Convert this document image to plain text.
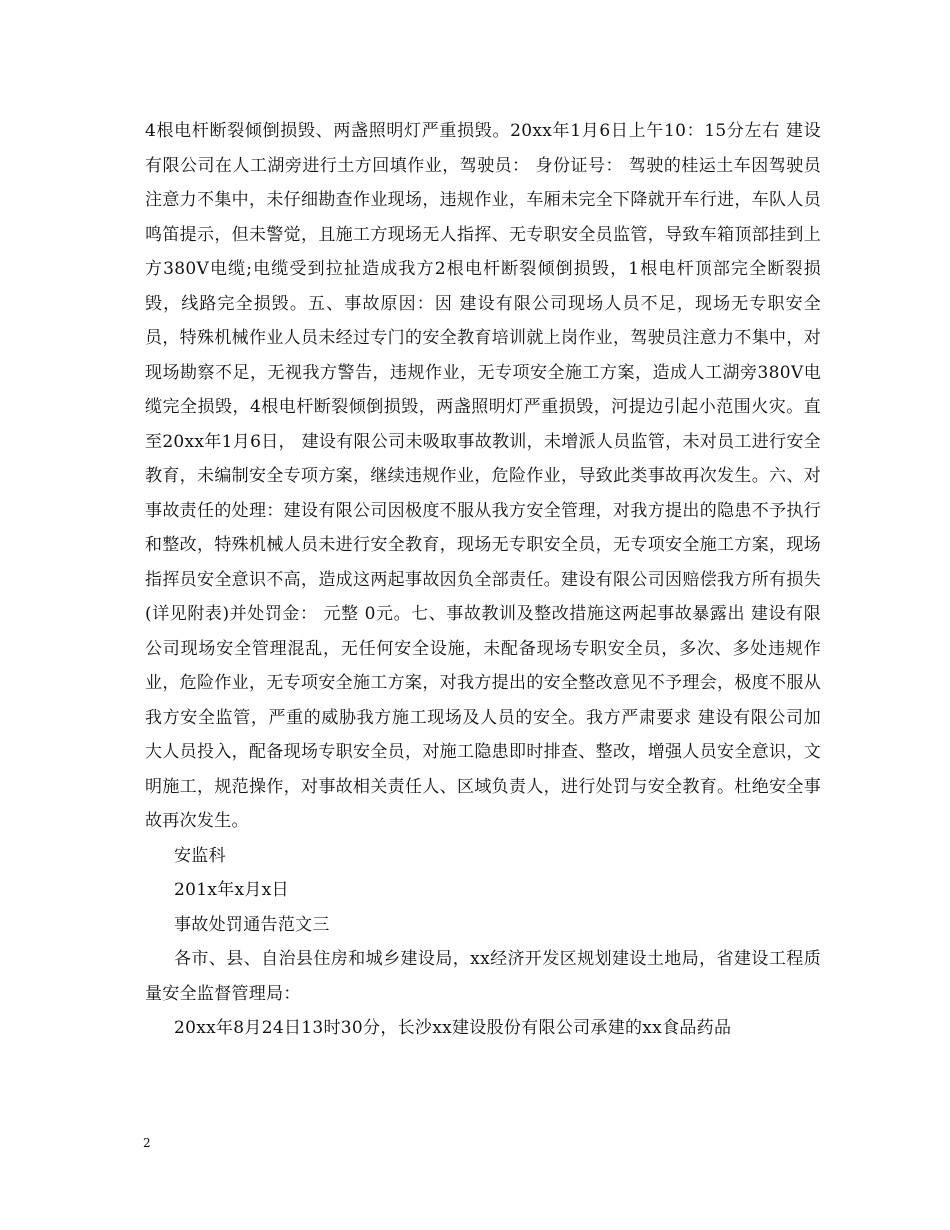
4根电杆断裂倾倒损毁、两盏照明灯严重损毁。20xx年1月6日上午10：15分左右 建设有限公司在人工湖旁进行土方回填作业，驾驶员： 身份证号： 驾驶的桂运土车因驾驶员注意力不集中，未仔细勘查作业现场，违规作业，车厢未完全下降就开车行进，车队人员鸣笛提示，但未警觉，且施工方现场无人指挥、无专职安全员监管，导致车箱顶部挂到上方380V电缆;电缆受到拉扯造成我方2根电杆断裂倾倒损毁，1根电杆顶部完全断裂损毁，线路完全损毁。五、事故原因：因 建设有限公司现场人员不足，现场无专职安全员，特殊机械作业人员未经过专门的安全教育培训就上岗作业，驾驶员注意力不集中，对现场勘察不足，无视我方警告，违规作业，无专项安全施工方案，造成人工湖旁380V电缆完全损毁，4根电杆断裂倾倒损毁，两盏照明灯严重损毁，河提边引起小范围火灾。直至20xx年1月6日， 建设有限公司未吸取事故教训，未增派人员监管，未对员工进行安全教育，未编制安全专项方案，继续违规作业，危险作业，导致此类事故再次发生。六、对事故责任的处理：建设有限公司因极度不服从我方安全管理，对我方提出的隐患不予执行和整改，特殊机械人员未进行安全教育，现场无专职安全员，无专项安全施工方案，现场指挥员安全意识不高，造成这两起事故因负全部责任。建设有限公司因赔偿我方所有损失(详见附表)并处罚金： 元整 0元。七、事故教训及整改措施这两起事故暴露出 建设有限公司现场安全管理混乱，无任何安全设施，未配备现场专职安全员，多次、多处违规作业，危险作业，无专项安全施工方案，对我方提出的安全整改意见不予理会，极度不服从我方安全监管，严重的威胁我方施工现场及人员的安全。我方严肃要求 建设有限公司加大人员投入，配备现场专职安全员，对施工隐患即时排查、整改，增强人员安全意识，文明施工，规范操作，对事故相关责任人、区域负责人，进行处罚与安全教育。杜绝安全事故再次发生。

安监科

201x年x月x日

事故处罚通告范文三

各市、县、自治县住房和城乡建设局，xx经济开发区规划建设土地局，省建设工程质量安全监督管理局：

20xx年8月24日13时30分，长沙xx建设股份有限公司承建的xx食品药品

2
